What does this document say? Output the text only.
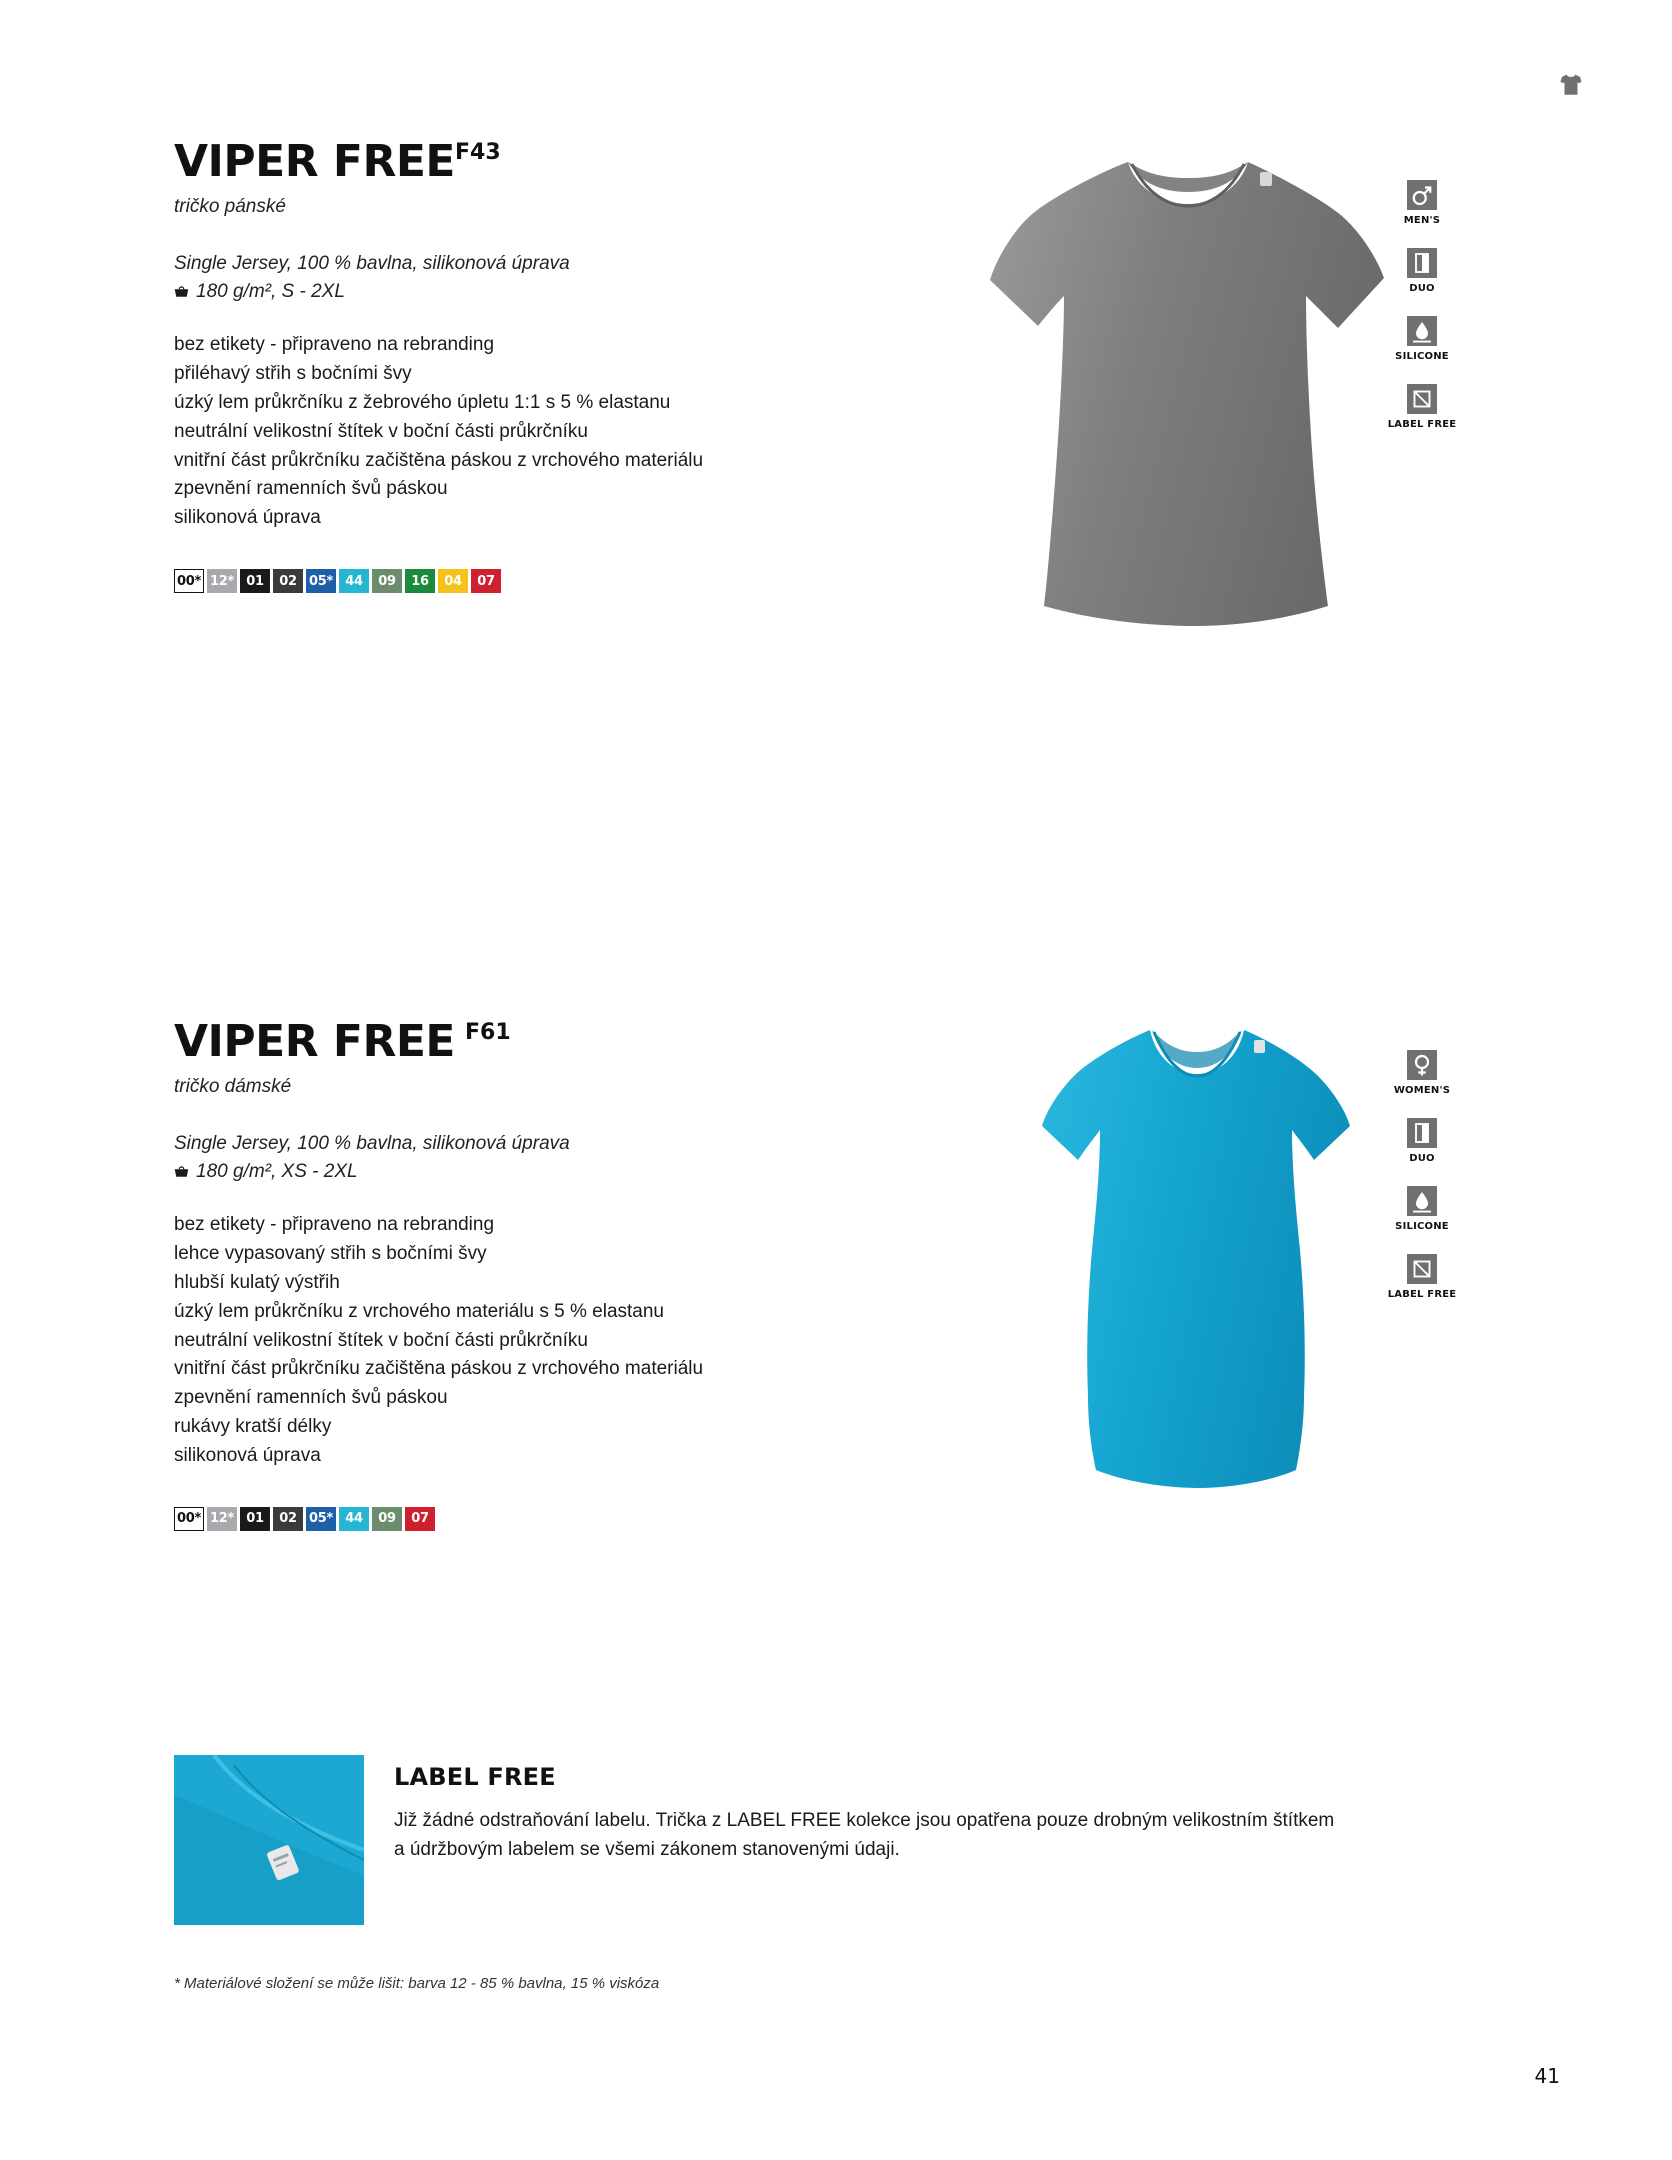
VIPER FREE F43
tričko pánské
Single Jersey, 100 % bavlna, silikonová úprava
180 g/m², S - 2XL
bez etikety - připraveno na rebranding
přiléhavý střih s bočními švy
úzký lem průkrčníku z žebrového úpletu 1:1 s 5 % elastanu
neutrální velikostní štítek v boční části průkrčníku
vnitřní část průkrčníku začištěna páskou z vrchového materiálu
zpevnění ramenních švů páskou
silikonová úprava
00* 12* 01	02 05* 44	09	16	04	07
MEN'S
DUO
SILICONE
LABEL FREE
VIPER FREE F61
tričko dámské
Single Jersey, 100 % bavlna, silikonová úprava
180 g/m², XS - 2XL
bez etikety - připraveno na rebranding
lehce vypasovaný střih s bočními švy
hlubší kulatý výstřih
úzký lem průkrčníku z vrchového materiálu s 5 % elastanu
neutrální velikostní štítek v boční části průkrčníku
vnitřní část průkrčníku začištěna páskou z vrchového materiálu
zpevnění ramenních švů páskou
rukávy kratší délky
silikonová úprava
00* 12* 01	02 05* 44	09	07
WOMEN'S
DUO
SILICONE
LABEL FREE
LABEL FREE
Již žádné odstraňování labelu. Trička z LABEL FREE kolekce jsou opatřena pouze drobným velikostním štítkem
a údržbovým labelem se všemi zákonem stanovenými údaji.
* Materiálové složení se může lišit: barva 12 - 85 % bavlna, 15 % viskóza
41
